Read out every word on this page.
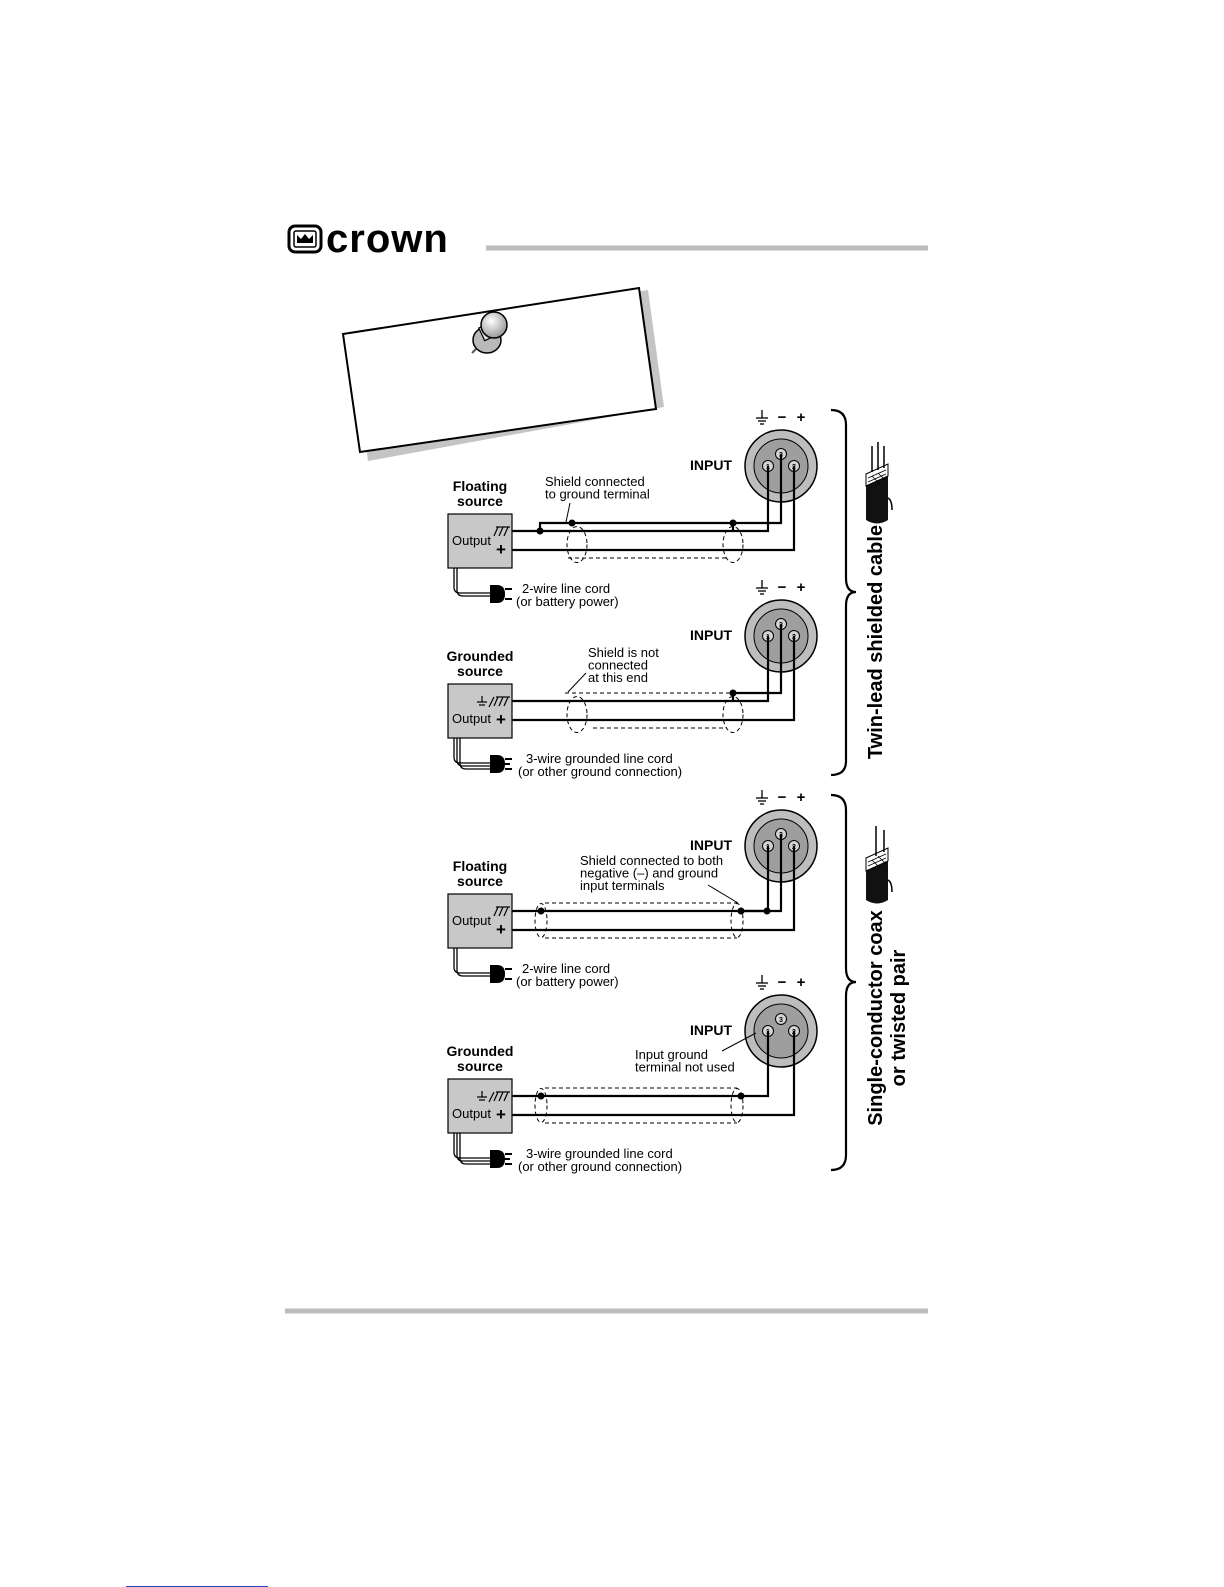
crown
Twin-lead shielded cable
Single-conductor coax or twisted pair
1
3
2
− +
INPUT
Floating
source
Output +
Shield connected
to ground terminal
2-wire line cord
(or battery power)
1
3
2
− +
INPUT
Grounded
source
Output +
Shield is not
connected
at this end
3-wire grounded line cord
(or other ground connection)
1
3
2
− +
INPUT
Floating
source
Output +
Shield connected to both
negative (–) and ground
input terminals
2-wire line cord
(or battery power)
1
3
2
− +
INPUT
Grounded
source
Output +
Input ground
terminal not used
3-wire grounded line cord
(or other ground connection)
